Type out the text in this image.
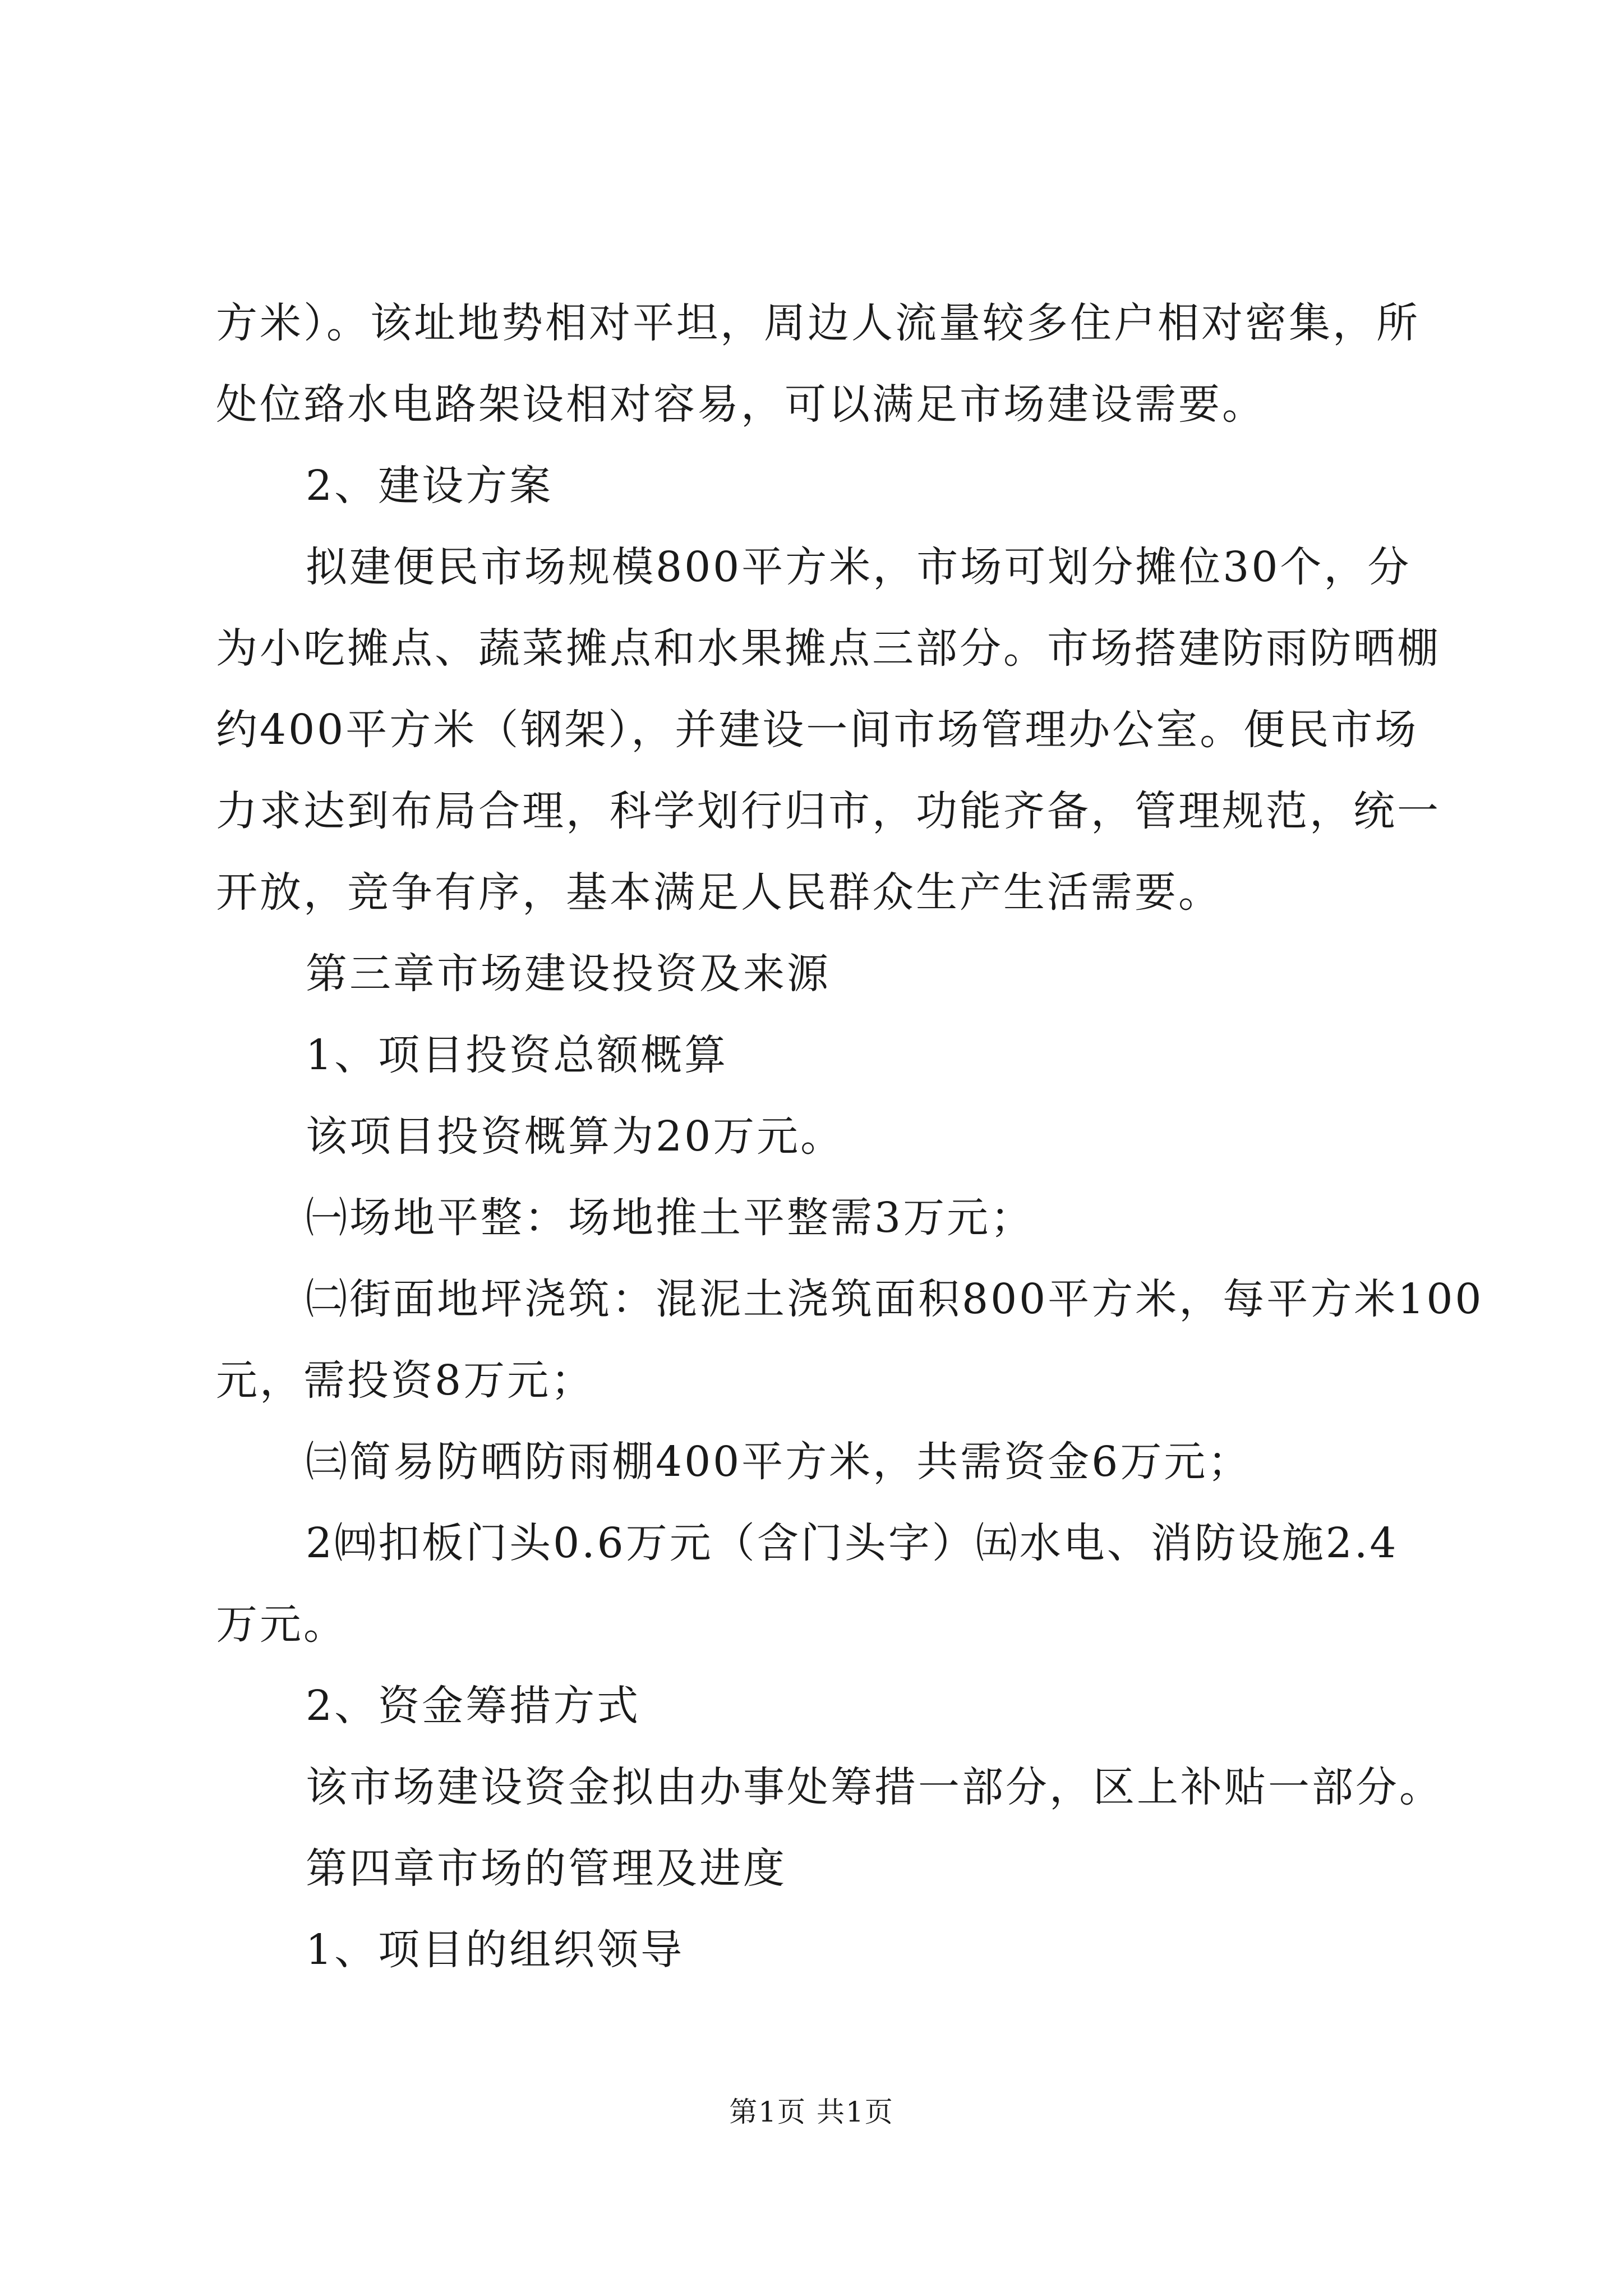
方米）。该址地势相对平坦，周边人流量较多住户相对密集，所
处位臵水电路架设相对容易，可以满足市场建设需要。
2、建设方案
拟建便民市场规模800平方米，市场可划分摊位30个，分
为小吃摊点、蔬菜摊点和水果摊点三部分。市场搭建防雨防晒棚
约400平方米（钢架），并建设一间市场管理办公室。便民市场
力求达到布局合理，科学划行归市，功能齐备，管理规范，统一
开放，竞争有序，基本满足人民群众生产生活需要。
第三章市场建设投资及来源
1、项目投资总额概算
该项目投资概算为20万元。
㈠场地平整：场地推土平整需3万元；
㈡街面地坪浇筑：混泥土浇筑面积800平方米，每平方米100
元，需投资8万元；
㈢简易防晒防雨棚400平方米，共需资金6万元；
2㈣扣板门头0.6万元（含门头字）㈤水电、消防设施2.4
万元。
2、资金筹措方式
该市场建设资金拟由办事处筹措一部分，区上补贴一部分。
第四章市场的管理及进度
1、项目的组织领导
第1页 共1页
